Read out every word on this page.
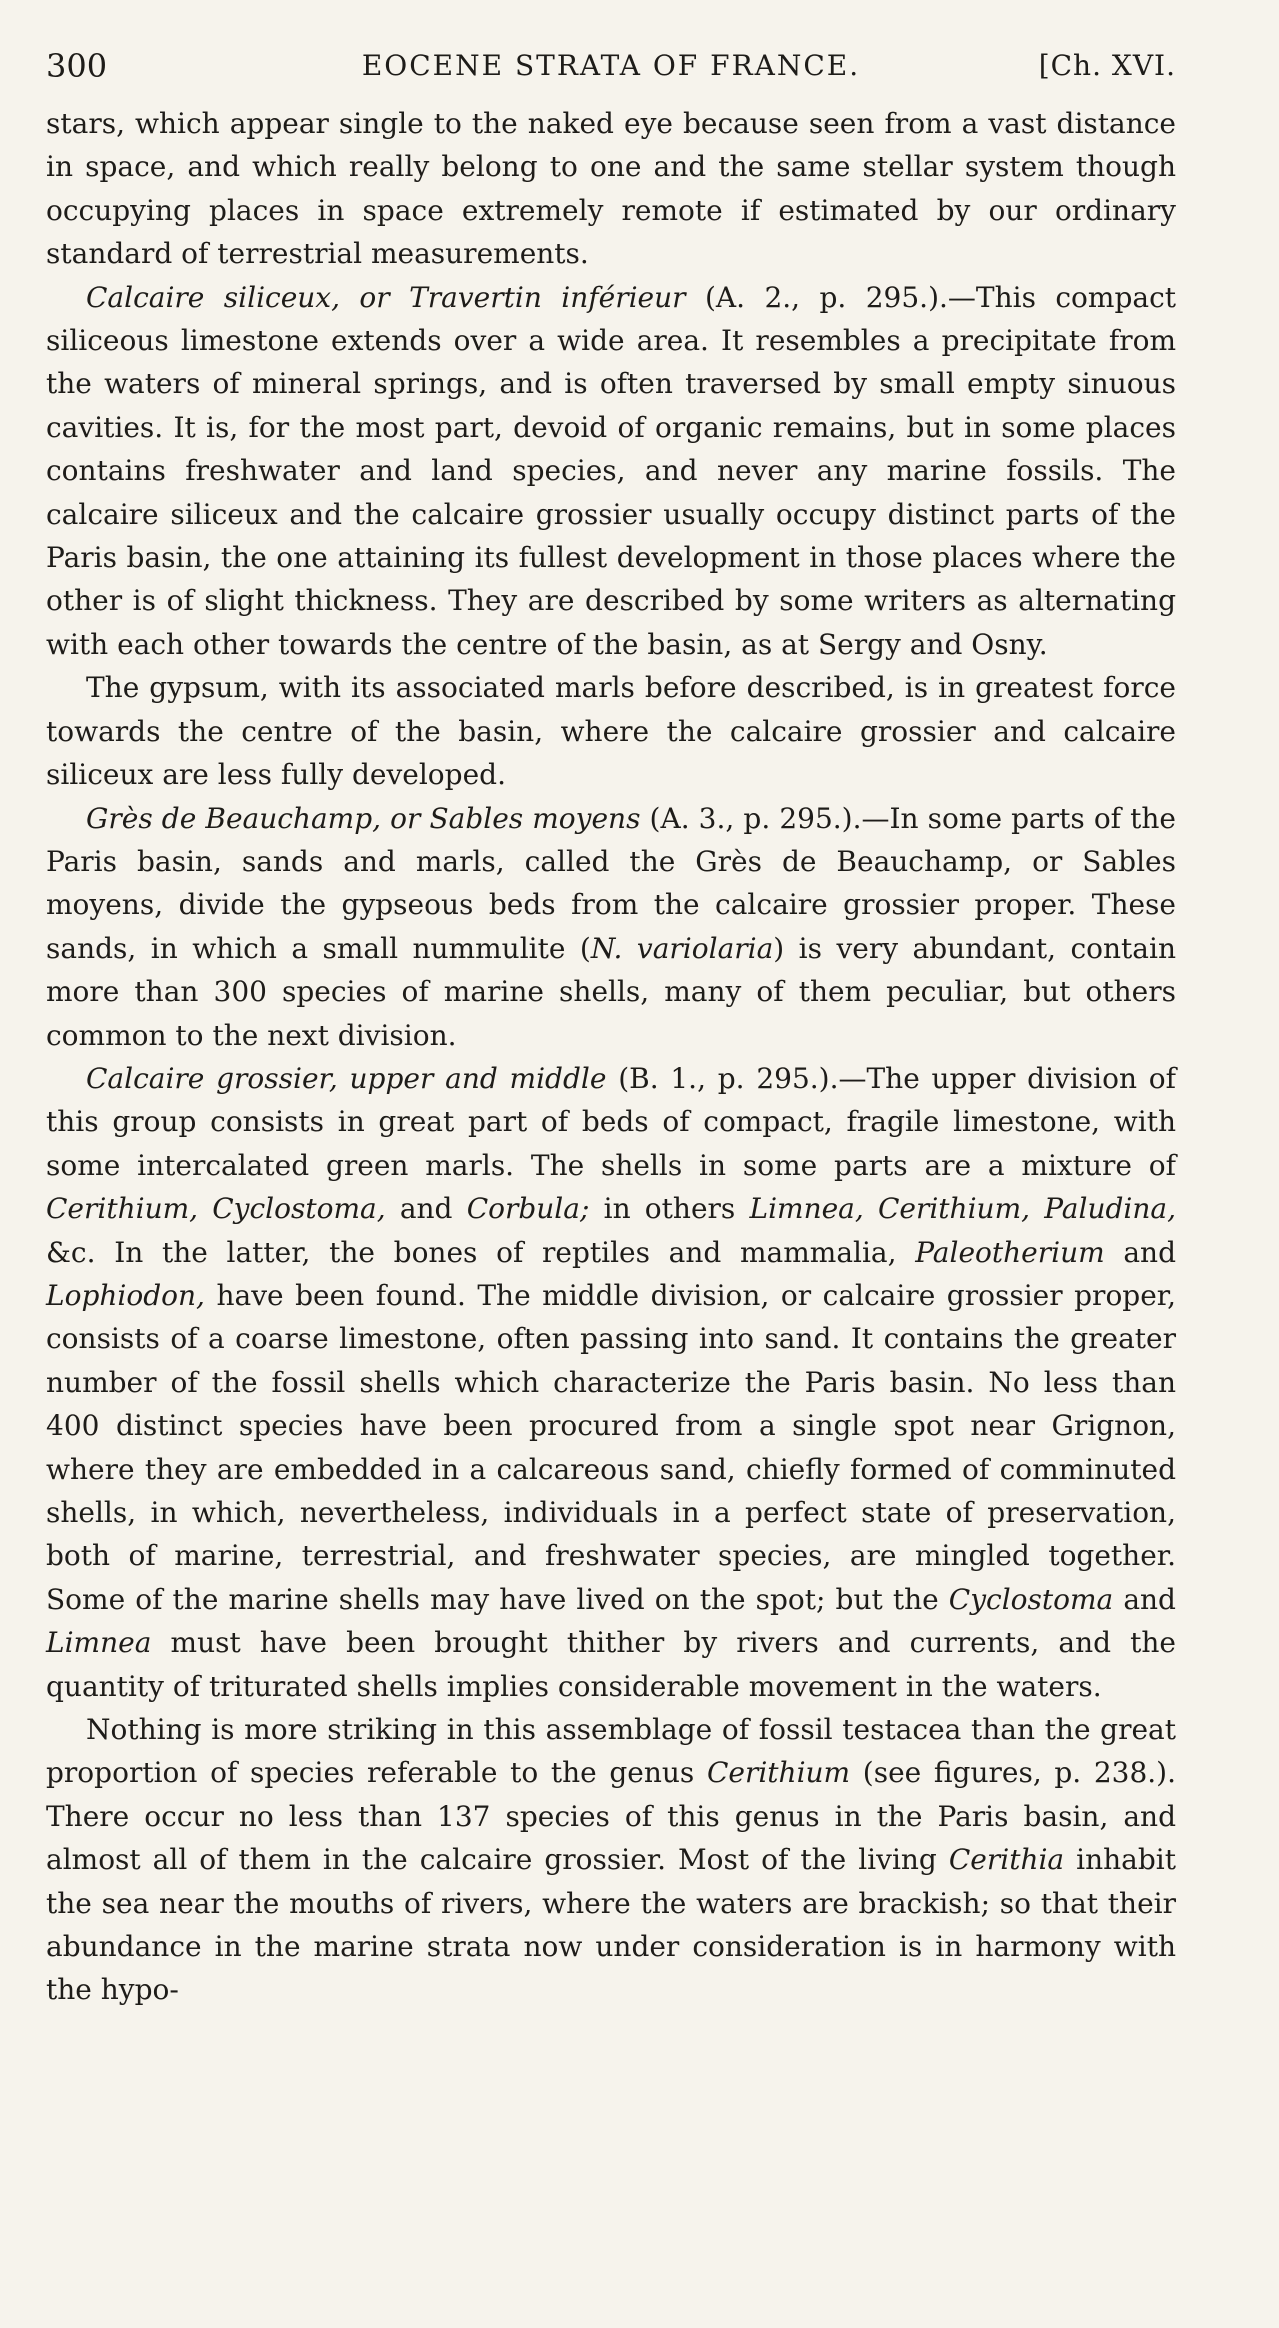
300	EOCENE STRATA OF FRANCE.	[Ch. XVI.

stars, which appear single to the naked eye because seen from a vast distance in space, and which really belong to one and the same stellar system though occupying places in space extremely remote if estimated by our ordinary standard of terrestrial measurements.

Calcaire siliceux, or Travertin inférieur (A. 2., p. 295.).—This compact siliceous limestone extends over a wide area. It resembles a precipitate from the waters of mineral springs, and is often traversed by small empty sinuous cavities. It is, for the most part, devoid of organic remains, but in some places contains freshwater and land species, and never any marine fossils. The calcaire siliceux and the calcaire grossier usually occupy distinct parts of the Paris basin, the one attaining its fullest development in those places where the other is of slight thickness. They are described by some writers as alternating with each other towards the centre of the basin, as at Sergy and Osny.

The gypsum, with its associated marls before described, is in greatest force towards the centre of the basin, where the calcaire grossier and calcaire siliceux are less fully developed.

Grès de Beauchamp, or Sables moyens (A. 3., p. 295.).—In some parts of the Paris basin, sands and marls, called the Grès de Beauchamp, or Sables moyens, divide the gypseous beds from the calcaire grossier proper. These sands, in which a small nummulite (N. variolaria) is very abundant, contain more than 300 species of marine shells, many of them peculiar, but others common to the next division.

Calcaire grossier, upper and middle (B. 1., p. 295.).—The upper division of this group consists in great part of beds of compact, fragile limestone, with some intercalated green marls. The shells in some parts are a mixture of Cerithium, Cyclostoma, and Corbula; in others Limnea, Cerithium, Paludina, &c. In the latter, the bones of reptiles and mammalia, Paleotherium and Lophiodon, have been found. The middle division, or calcaire grossier proper, consists of a coarse limestone, often passing into sand. It contains the greater number of the fossil shells which characterize the Paris basin. No less than 400 distinct species have been procured from a single spot near Grignon, where they are embedded in a calcareous sand, chiefly formed of comminuted shells, in which, nevertheless, individuals in a perfect state of preservation, both of marine, terrestrial, and freshwater species, are mingled together. Some of the marine shells may have lived on the spot; but the Cyclostoma and Limnea must have been brought thither by rivers and currents, and the quantity of triturated shells implies considerable movement in the waters.

Nothing is more striking in this assemblage of fossil testacea than the great proportion of species referable to the genus Cerithium (see figures, p. 238.). There occur no less than 137 species of this genus in the Paris basin, and almost all of them in the calcaire grossier. Most of the living Cerithia inhabit the sea near the mouths of rivers, where the waters are brackish; so that their abundance in the marine strata now under consideration is in harmony with the hypo-
